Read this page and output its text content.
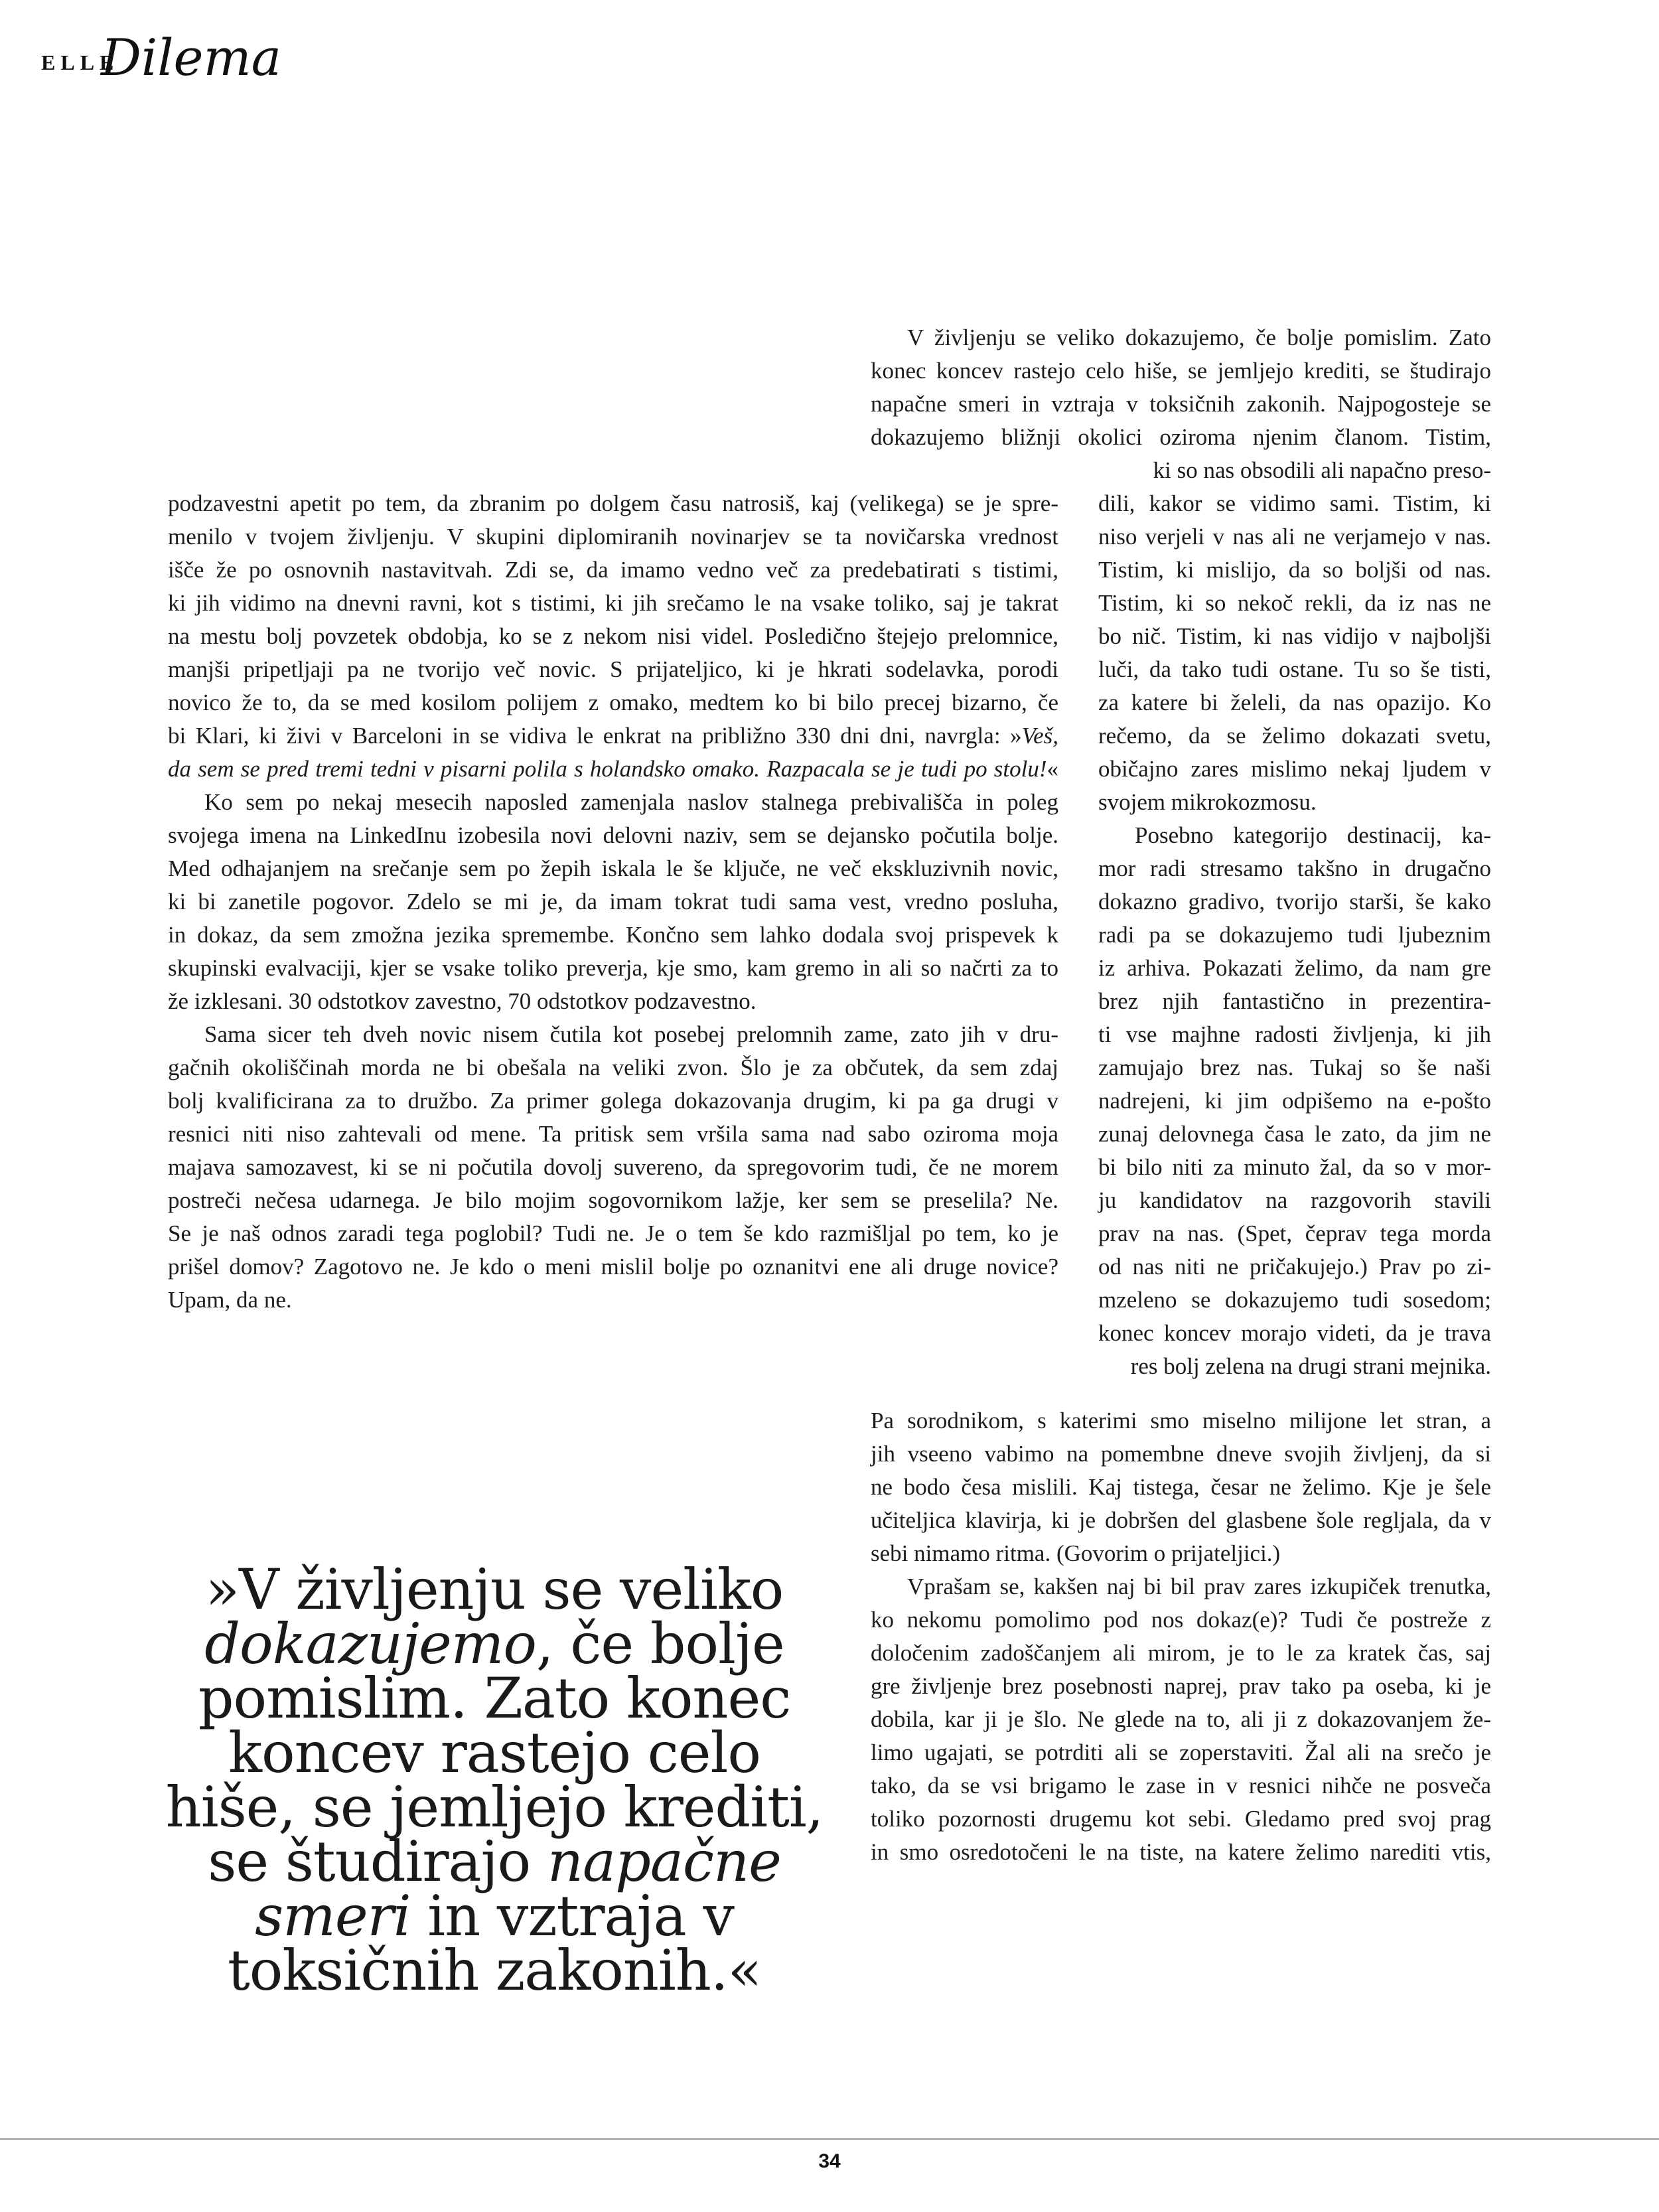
Dilema
ELLE
V življenju se veliko dokazujemo, če bolje pomislim. Zato
konec koncev rastejo celo hiše, se jemljejo krediti, se študirajo
napačne smeri in vztraja v toksičnih zakonih. Najpogosteje se
dokazujemo bližnji okolici oziroma njenim članom. Tistim,
podzavestni apetit po tem, da zbranim po dolgem času natrosiš, kaj (velikega) se je spre-
menilo v tvojem življenju. V skupini diplomiranih novinarjev se ta novičarska vrednost
išče že po osnovnih nastavitvah. Zdi se, da imamo vedno več za predebatirati s tistimi,
ki jih vidimo na dnevni ravni, kot s tistimi, ki jih srečamo le na vsake toliko, saj je takrat
na mestu bolj povzetek obdobja, ko se z nekom nisi videl. Posledično štejejo prelomnice,
manjši pripetljaji pa ne tvorijo več novic. S prijateljico, ki je hkrati sodelavka, porodi
novico že to, da se med kosilom polijem z omako, medtem ko bi bilo precej bizarno, če
bi Klari, ki živi v Barceloni in se vidiva le enkrat na približno 330 dni dni, navrgla: »Veš,
da sem se pred tremi tedni v pisarni polila s holandsko omako. Razpacala se je tudi po stolu!«
Ko sem po nekaj mesecih naposled zamenjala naslov stalnega prebivališča in poleg
svojega imena na LinkedInu izobesila novi delovni naziv, sem se dejansko počutila bolje.
Med odhajanjem na srečanje sem po žepih iskala le še ključe, ne več ekskluzivnih novic,
ki bi zanetile pogovor. Zdelo se mi je, da imam tokrat tudi sama vest, vredno posluha,
in dokaz, da sem zmožna jezika spremembe. Končno sem lahko dodala svoj prispevek k
skupinski evalvaciji, kjer se vsake toliko preverja, kje smo, kam gremo in ali so načrti za to
že izklesani. 30 odstotkov zavestno, 70 odstotkov podzavestno.
Sama sicer teh dveh novic nisem čutila kot posebej prelomnih zame, zato jih v dru-
gačnih okoliščinah morda ne bi obešala na veliki zvon. Šlo je za občutek, da sem zdaj
bolj kvalificirana za to družbo. Za primer golega dokazovanja drugim, ki pa ga drugi v
resnici niti niso zahtevali od mene. Ta pritisk sem vršila sama nad sabo oziroma moja
majava samozavest, ki se ni počutila dovolj suvereno, da spregovorim tudi, če ne morem
postreči nečesa udarnega. Je bilo mojim sogovornikom lažje, ker sem se preselila? Ne.
Se je naš odnos zaradi tega poglobil? Tudi ne. Je o tem še kdo razmišljal po tem, ko je
prišel domov? Zagotovo ne. Je kdo o meni mislil bolje po oznanitvi ene ali druge novice?
Upam, da ne.
ki so nas obsodili ali napačno preso-
dili, kakor se vidimo sami. Tistim, ki
niso verjeli v nas ali ne verjamejo v nas.
Tistim, ki mislijo, da so boljši od nas.
Tistim, ki so nekoč rekli, da iz nas ne
bo nič. Tistim, ki nas vidijo v najboljši
luči, da tako tudi ostane. Tu so še tisti,
za katere bi želeli, da nas opazijo. Ko
rečemo, da se želimo dokazati svetu,
običajno zares mislimo nekaj ljudem v
svojem mikrokozmosu.
Posebno kategorijo destinacij, ka-
mor radi stresamo takšno in drugačno
dokazno gradivo, tvorijo starši, še kako
radi pa se dokazujemo tudi ljubeznim
iz arhiva. Pokazati želimo, da nam gre
brez njih fantastično in prezentira-
ti vse majhne radosti življenja, ki jih
zamujajo brez nas. Tukaj so še naši
nadrejeni, ki jim odpišemo na e-pošto
zunaj delovnega časa le zato, da jim ne
bi bilo niti za minuto žal, da so v mor-
ju kandidatov na razgovorih stavili
prav na nas. (Spet, čeprav tega morda
od nas niti ne pričakujejo.) Prav po zi-
mzeleno se dokazujemo tudi sosedom;
konec koncev morajo videti, da je trava
res bolj zelena na drugi strani mejnika.
Pa sorodnikom, s katerimi smo miselno milijone let stran, a
jih vseeno vabimo na pomembne dneve svojih življenj, da si
ne bodo česa mislili. Kaj tistega, česar ne želimo. Kje je šele
učiteljica klavirja, ki je dobršen del glasbene šole regljala, da v
sebi nimamo ritma. (Govorim o prijateljici.)
Vprašam se, kakšen naj bi bil prav zares izkupiček trenutka,
ko nekomu pomolimo pod nos dokaz(e)? Tudi če postreže z
določenim zadoščanjem ali mirom, je to le za kratek čas, saj
gre življenje brez posebnosti naprej, prav tako pa oseba, ki je
dobila, kar ji je šlo. Ne glede na to, ali ji z dokazovanjem že-
limo ugajati, se potrditi ali se zoperstaviti. Žal ali na srečo je
tako, da se vsi brigamo le zase in v resnici nihče ne posveča
toliko pozornosti drugemu kot sebi. Gledamo pred svoj prag
in smo osredotočeni le na tiste, na katere želimo narediti vtis,
»V življenju se veliko
dokazujemo, če bolje
pomislim. Zato konec
koncev rastejo celo
hiše, se jemljejo krediti,
se študirajo napačne
smeri in vztraja v
toksičnih zakonih.«
34
